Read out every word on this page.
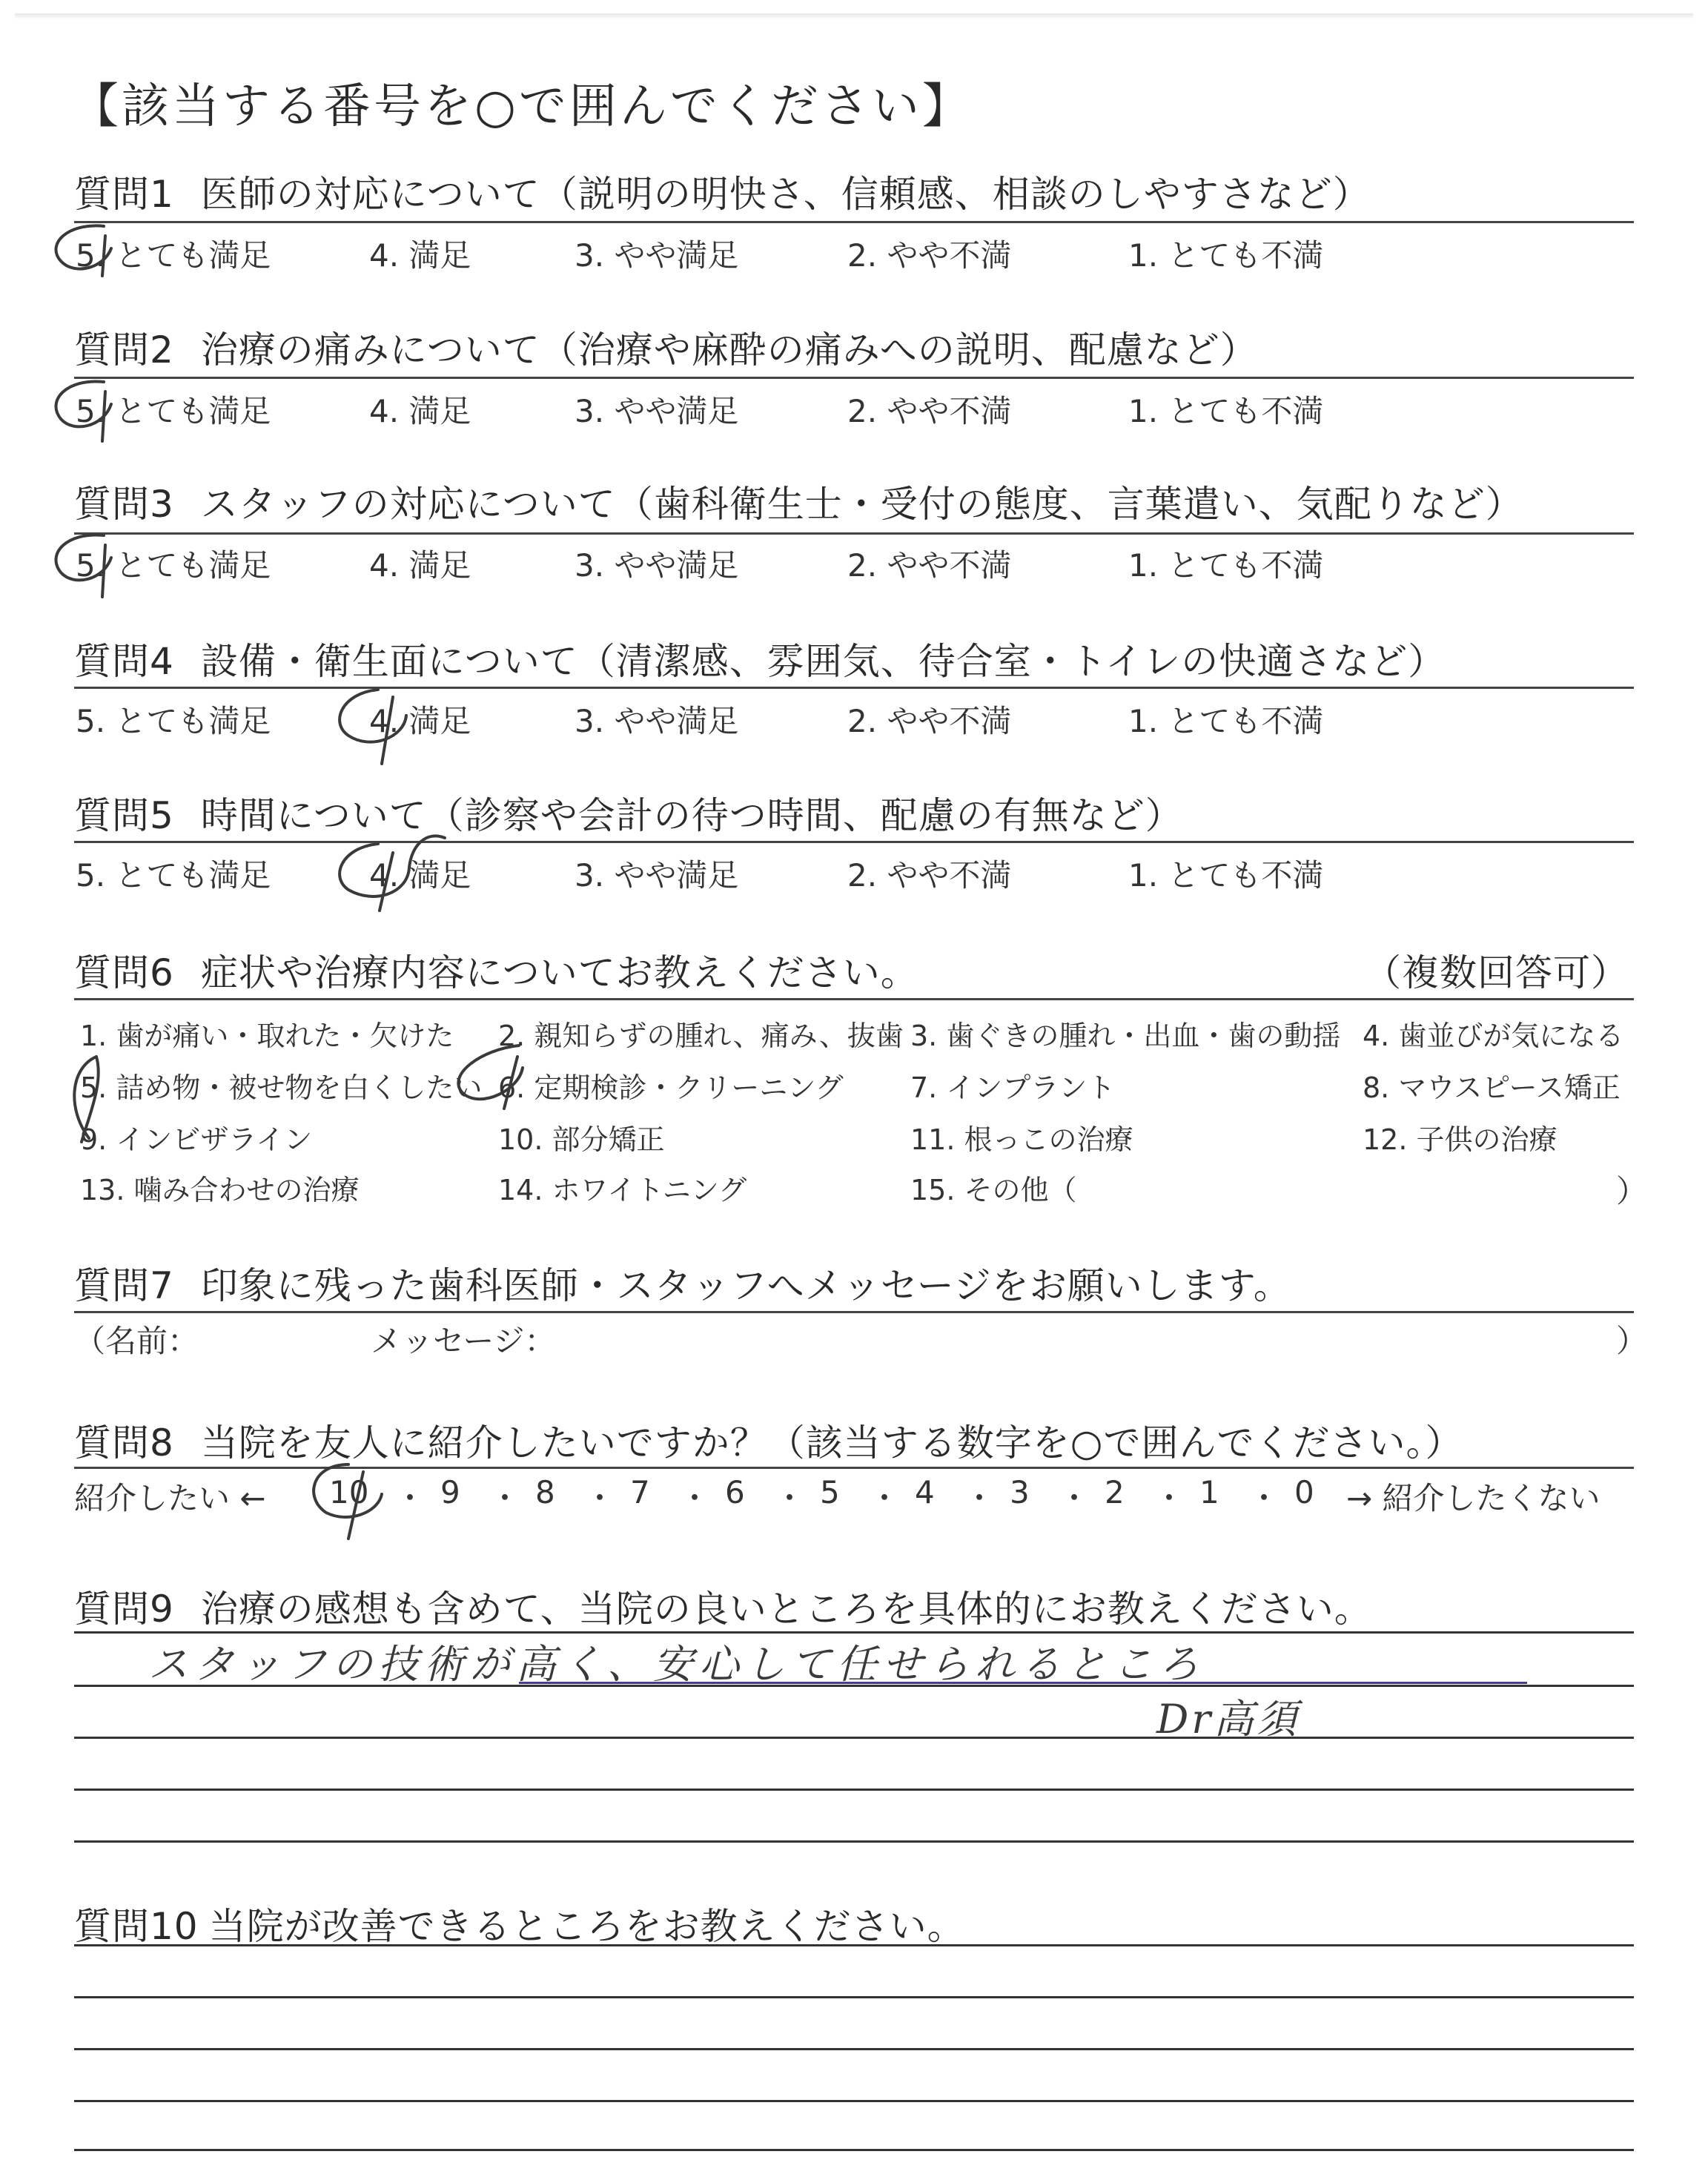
【該当する番号を○で囲んでください】
質問1 医師の対応について（説明の明快さ、信頼感、相談のしやすさなど）
5. とても満足	4. 満足	3. やや満足	2. やや不満	1. とても不満
質問2 治療の痛みについて（治療や麻酔の痛みへの説明、配慮など）
5. とても満足	4. 満足	3. やや満足	2. やや不満	1. とても不満
質問3 スタッフの対応について（歯科衛生士・受付の態度、言葉遣い、気配りなど）
5. とても満足	4. 満足	3. やや満足	2. やや不満	1. とても不満
質問4 設備・衛生面について（清潔感、雰囲気、待合室・トイレの快適さなど）
5. とても満足	4. 満足	3. やや満足	2. やや不満	1. とても不満
質問5 時間について（診察や会計の待つ時間、配慮の有無など）
5. とても満足	4. 満足	3. やや満足	2. やや不満	1. とても不満
質問6 症状や治療内容についてお教えください。	（複数回答可）
1. 歯が痛い・取れた・欠けた 2. 親知らずの腫れ、痛み、抜歯 3. 歯ぐきの腫れ・出血・歯の動揺 4. 歯並びが気になる
5. 詰め物・被せ物を白くしたい 6. 定期検診・クリーニング 7. インプラント	8. マウスピース矯正
9. インビザライン	10. 部分矯正	11. 根っこの治療	12. 子供の治療
13. 噛み合わせの治療	14. ホワイトニング	15. その他（	）
質問7 印象に残った歯科医師・スタッフへメッセージをお願いします。
（名前：	メッセージ：	）
質問8 当院を友人に紹介したいですか？（該当する数字を○で囲んでください。）
紹介したい ← 10 ・ 9 ・ 8 ・ 7 ・ 6 ・ 5 ・ 4 ・ 3 ・ 2 ・ 1 ・ 0 → 紹介したくない
質問9 治療の感想も含めて、当院の良いところを具体的にお教えください。
スタッフの技術が高く、安心して任せられるところ
Dr高須
質問10 当院が改善できるところをお教えください。
